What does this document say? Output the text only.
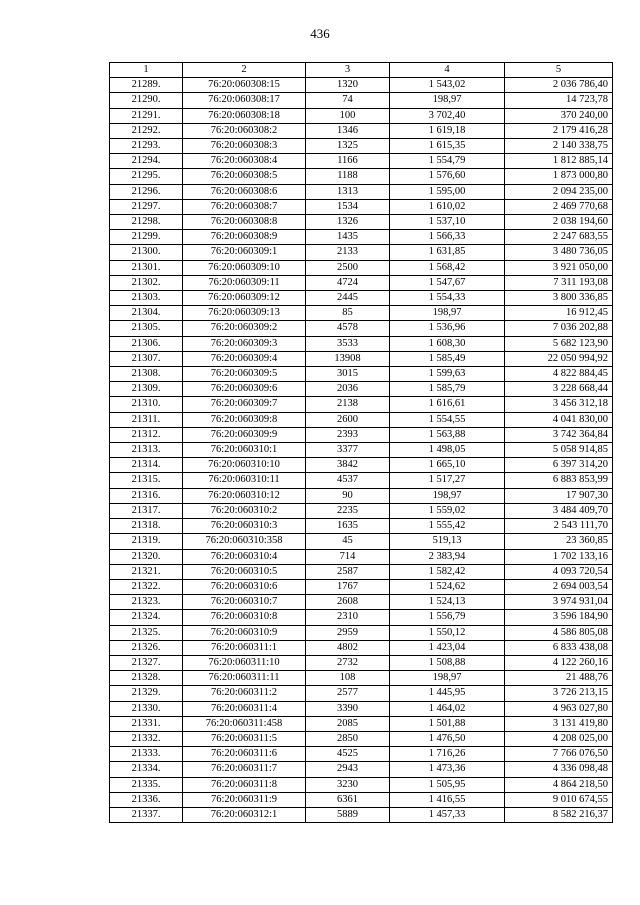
436
1	2	3	4	5
21289.	76:20:060308:15	1320	1 543,02	2 036 786,40
21290.	76:20:060308:17	74	198,97	14 723,78
21291.	76:20:060308:18	100	3 702,40	370 240,00
21292.	76:20:060308:2	1346	1 619,18	2 179 416,28
21293.	76:20:060308:3	1325	1 615,35	2 140 338,75
21294.	76:20:060308:4	1166	1 554,79	1 812 885,14
21295.	76:20:060308:5	1188	1 576,60	1 873 000,80
21296.	76:20:060308:6	1313	1 595,00	2 094 235,00
21297.	76:20:060308:7	1534	1 610,02	2 469 770,68
21298.	76:20:060308:8	1326	1 537,10	2 038 194,60
21299.	76:20:060308:9	1435	1 566,33	2 247 683,55
21300.	76:20:060309:1	2133	1 631,85	3 480 736,05
21301.	76:20:060309:10	2500	1 568,42	3 921 050,00
21302.	76:20:060309:11	4724	1 547,67	7 311 193,08
21303.	76:20:060309:12	2445	1 554,33	3 800 336,85
21304.	76:20:060309:13	85	198,97	16 912,45
21305.	76:20:060309:2	4578	1 536,96	7 036 202,88
21306.	76:20:060309:3	3533	1 608,30	5 682 123,90
21307.	76:20:060309:4	13908	1 585,49	22 050 994,92
21308.	76:20:060309:5	3015	1 599,63	4 822 884,45
21309.	76:20:060309:6	2036	1 585,79	3 228 668,44
21310.	76:20:060309:7	2138	1 616,61	3 456 312,18
21311.	76:20:060309:8	2600	1 554,55	4 041 830,00
21312.	76:20:060309:9	2393	1 563,88	3 742 364,84
21313.	76:20:060310:1	3377	1 498,05	5 058 914,85
21314.	76:20:060310:10	3842	1 665,10	6 397 314,20
21315.	76:20:060310:11	4537	1 517,27	6 883 853,99
21316.	76:20:060310:12	90	198,97	17 907,30
21317.	76:20:060310:2	2235	1 559,02	3 484 409,70
21318.	76:20:060310:3	1635	1 555,42	2 543 111,70
21319.	76:20:060310:358	45	519,13	23 360,85
21320.	76:20:060310:4	714	2 383,94	1 702 133,16
21321.	76:20:060310:5	2587	1 582,42	4 093 720,54
21322.	76:20:060310:6	1767	1 524,62	2 694 003,54
21323.	76:20:060310:7	2608	1 524,13	3 974 931,04
21324.	76:20:060310:8	2310	1 556,79	3 596 184,90
21325.	76:20:060310:9	2959	1 550,12	4 586 805,08
21326.	76:20:060311:1	4802	1 423,04	6 833 438,08
21327.	76:20:060311:10	2732	1 508,88	4 122 260,16
21328.	76:20:060311:11	108	198,97	21 488,76
21329.	76:20:060311:2	2577	1 445,95	3 726 213,15
21330.	76:20:060311:4	3390	1 464,02	4 963 027,80
21331.	76:20:060311:458	2085	1 501,88	3 131 419,80
21332.	76:20:060311:5	2850	1 476,50	4 208 025,00
21333.	76:20:060311:6	4525	1 716,26	7 766 076,50
21334.	76:20:060311:7	2943	1 473,36	4 336 098,48
21335.	76:20:060311:8	3230	1 505,95	4 864 218,50
21336.	76:20:060311:9	6361	1 416,55	9 010 674,55
21337.	76:20:060312:1	5889	1 457,33	8 582 216,37
